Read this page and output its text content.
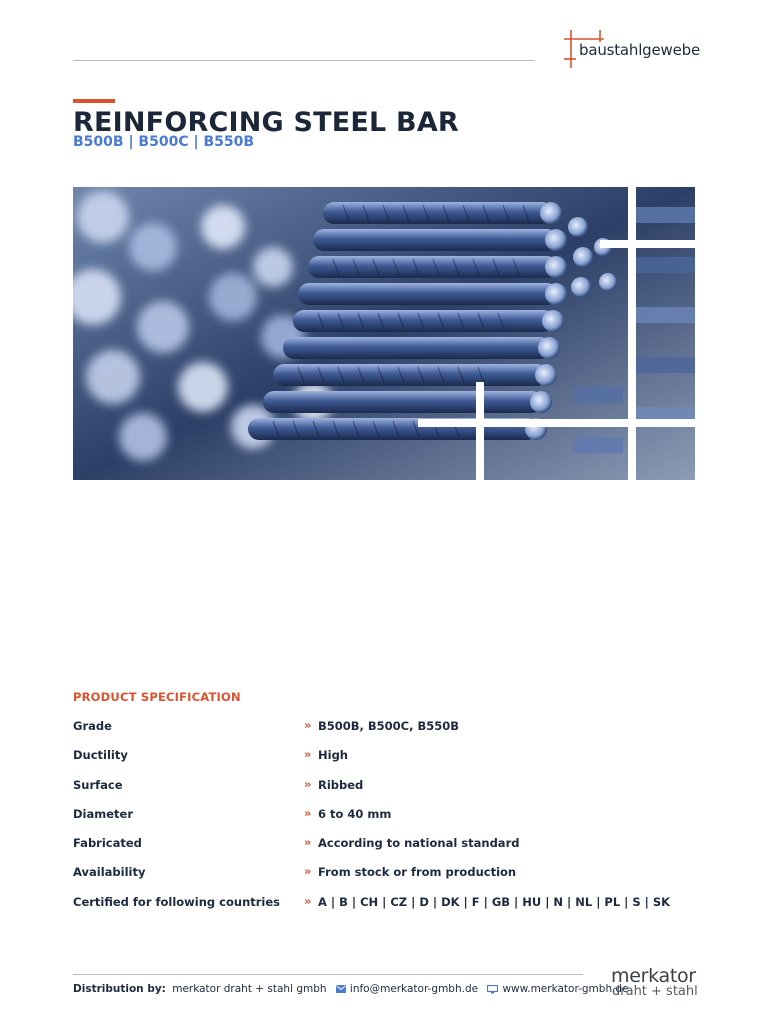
baustahlgewebe
REINFORCING STEEL BAR
B500B | B500C | B550B
PRODUCT SPECIFICATION
Grade	» B500B, B500C, B550B
Ductility	» High
Surface	» Ribbed
Diameter	» 6 to 40 mm
Fabricated	» According to national standard
Availability	» From stock or from production
Certified for following countries » A | B | CH | CZ | D | DK | F | GB | HU | N | NL | PL | S | SK
Distribution by: merkator draht + stahl gmbh info@merkator-gmbh.de www.merkator-gmbh.de
merkator
draht + stahl
